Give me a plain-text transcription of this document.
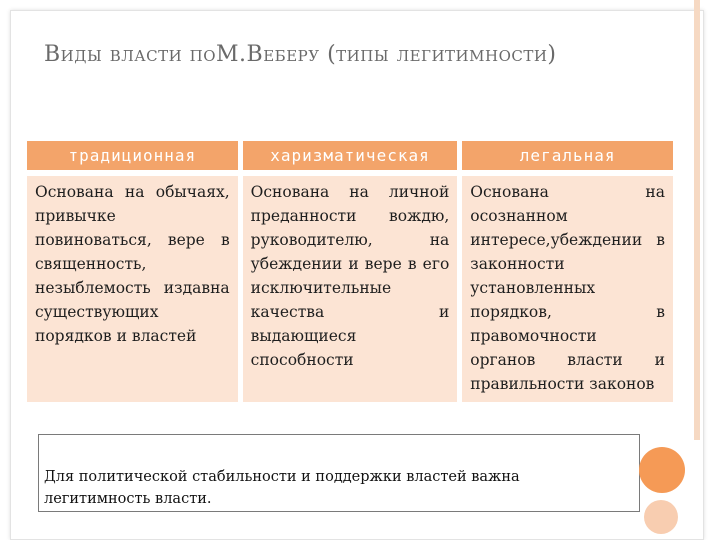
Виды власти поМ.Веберу (типы легитимности)
традиционная	харизматическая	легальная

Основана на обычаях, привычке повиноваться, вере в священность, незыблемость издавна существующих порядков и властей	Основана на личной преданности вождю, руководителю, на убеждении и вере в его исключительные качества и выдающиеся способности	Основана на осознанном интересе,убеждении в законности установленных порядков, в правомочности органов власти и правильности законов
Для политической стабильности и поддержки властей важна легитимность власти.
